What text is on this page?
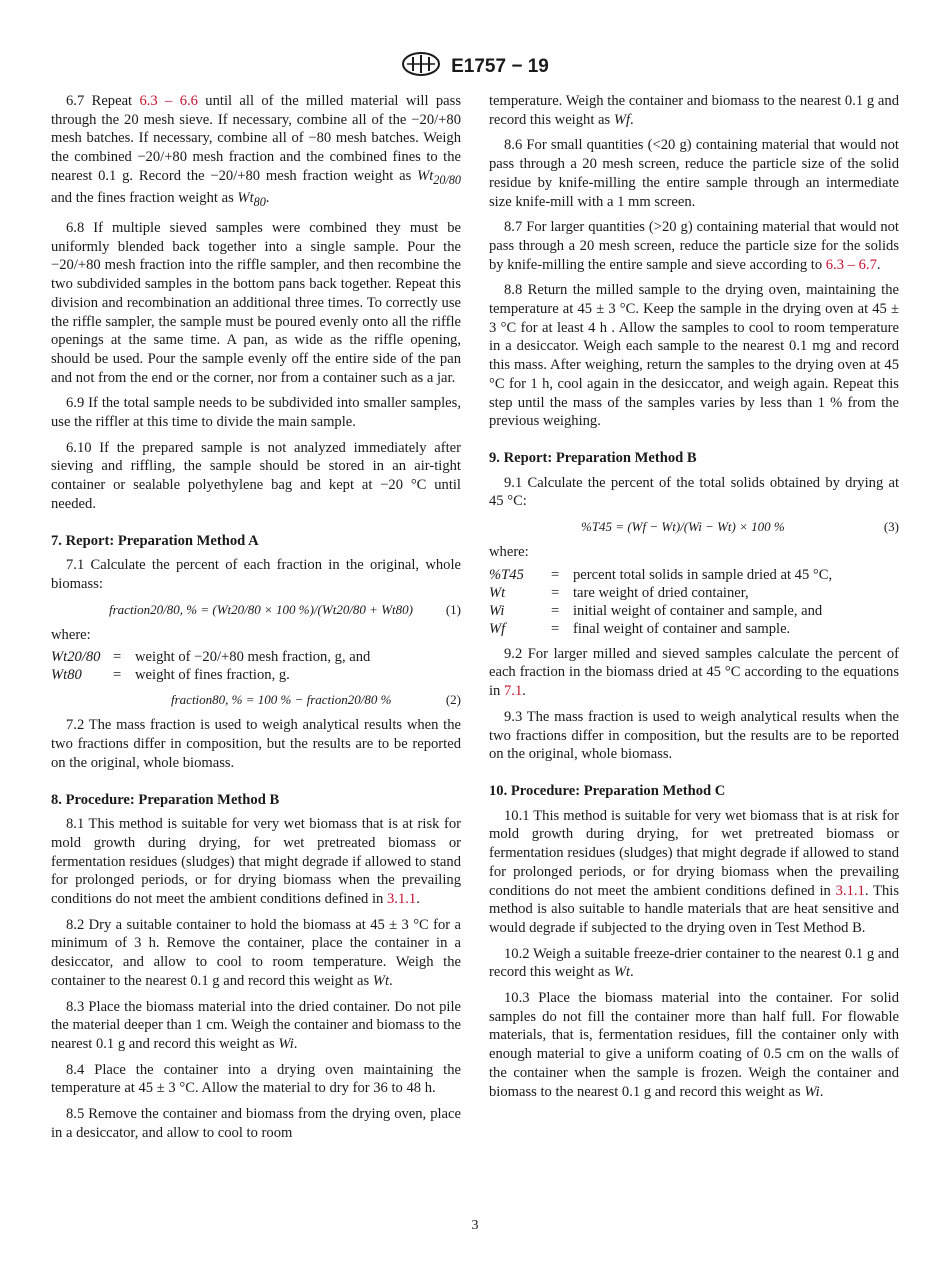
E1757 − 19

6.7 Repeat 6.3 – 6.6 until all of the milled material will pass through the 20 mesh sieve. If necessary, combine all of the −20/+80 mesh batches. If necessary, combine all of −80 mesh batches. Weigh the combined −20/+80 mesh fraction and the combined fines to the nearest 0.1 g. Record the −20/+80 mesh fraction weight as $Wt_{20/80}$ and the fines fraction weight as $Wt_{80}$.

6.8 If multiple sieved samples were combined they must be uniformly blended back together into a single sample. Pour the −20/+80 mesh fraction into the riffle sampler, and then recombine the two subdivided samples in the bottom pans back together. Repeat this division and recombination an additional three times. To correctly use the riffle sampler, the sample must be poured evenly onto all the riffle openings at the same time. A pan, as wide as the riffle opening, should be used. Pour the sample evenly off the entire side of the pan and not from the end or the corner, nor from a container such as a jar.

6.9 If the total sample needs to be subdivided into smaller samples, use the riffler at this time to divide the main sample.

6.10 If the prepared sample is not analyzed immediately after sieving and riffling, the sample should be stored in an air-tight container or sealable polyethylene bag and kept at −20 °C until needed.

7. Report: Preparation Method A

7.1 Calculate the percent of each fraction in the original, whole biomass:

fraction20/80, % = (Wt20/80 × 100 %)/(Wt20/80 + Wt80)	(1)

where:

Wt20/80	=	weight of −20/+80 mesh fraction, g, and
Wt80	=	weight of fines fraction, g.
fraction80, % = 100 % − fraction20/80 %	(2)

7.2 The mass fraction is used to weigh analytical results when the two fractions differ in composition, but the results are to be reported on the original, whole biomass.

8. Procedure: Preparation Method B

8.1 This method is suitable for very wet biomass that is at risk for mold growth during drying, for wet pretreated biomass or fermentation residues (sludges) that might degrade if allowed to stand for prolonged periods, or for drying biomass when the prevailing conditions do not meet the ambient conditions defined in 3.1.1.

8.2 Dry a suitable container to hold the biomass at 45 ± 3 °C for a minimum of 3 h. Remove the container, place the container in a desiccator, and allow to cool to room temperature. Weigh the container to the nearest 0.1 g and record this weight as Wt.

8.3 Place the biomass material into the dried container. Do not pile the material deeper than 1 cm. Weigh the container and biomass to the nearest 0.1 g and record this weight as Wi.

8.4 Place the container into a drying oven maintaining the temperature at 45 ± 3 °C. Allow the material to dry for 36 to 48 h.

8.5 Remove the container and biomass from the drying oven, place in a desiccator, and allow to cool to room

temperature. Weigh the container and biomass to the nearest 0.1 g and record this weight as Wf.

8.6 For small quantities (<20 g) containing material that would not pass through a 20 mesh screen, reduce the particle size of the solid residue by knife-milling the entire sample through an intermediate size knife-mill with a 1 mm screen.

8.7 For larger quantities (>20 g) containing material that would not pass through a 20 mesh screen, reduce the particle size for the solids by knife-milling the entire sample and sieve according to 6.3 – 6.7.

8.8 Return the milled sample to the drying oven, maintaining the temperature at 45 ± 3 °C. Keep the sample in the drying oven at 45 ± 3 °C for at least 4 h . Allow the samples to cool to room temperature in a desiccator. Weigh each sample to the nearest 0.1 mg and record this mass. After weighing, return the samples to the drying oven at 45 °C for 1 h, cool again in the desiccator, and weigh again. Repeat this step until the mass of the samples varies by less than 1 % from the previous weighing.

9. Report: Preparation Method B

9.1 Calculate the percent of the total solids obtained by drying at 45 °C:

%T45 = (Wf − Wt)/(Wi − Wt) × 100 %	(3)

where:

%T45	=	percent total solids in sample dried at 45 °C,
Wt	=	tare weight of dried container,
Wi	=	initial weight of container and sample, and
Wf	=	final weight of container and sample.

9.2 For larger milled and sieved samples calculate the percent of each fraction in the biomass dried at 45 °C according to the equations in 7.1.

9.3 The mass fraction is used to weigh analytical results when the two fractions differ in composition, but the results are to be reported on the original, whole biomass.

10. Procedure: Preparation Method C

10.1 This method is suitable for very wet biomass that is at risk for mold growth during drying, for wet pretreated biomass or fermentation residues (sludges) that might degrade if allowed to stand for prolonged periods, or for drying biomass when the prevailing conditions do not meet the ambient conditions defined in 3.1.1. This method is also suitable to handle materials that are heat sensitive and would degrade if subjected to the drying oven in Test Method B.

10.2 Weigh a suitable freeze-drier container to the nearest 0.1 g and record this weight as Wt.

10.3 Place the biomass material into the container. For solid samples do not fill the container more than half full. For flowable materials, that is, fermentation residues, fill the container only with enough material to give a uniform coating of 0.5 cm on the walls of the container when the sample is frozen. Weigh the container and biomass to the nearest 0.1 g and record this weight as Wi.

3
